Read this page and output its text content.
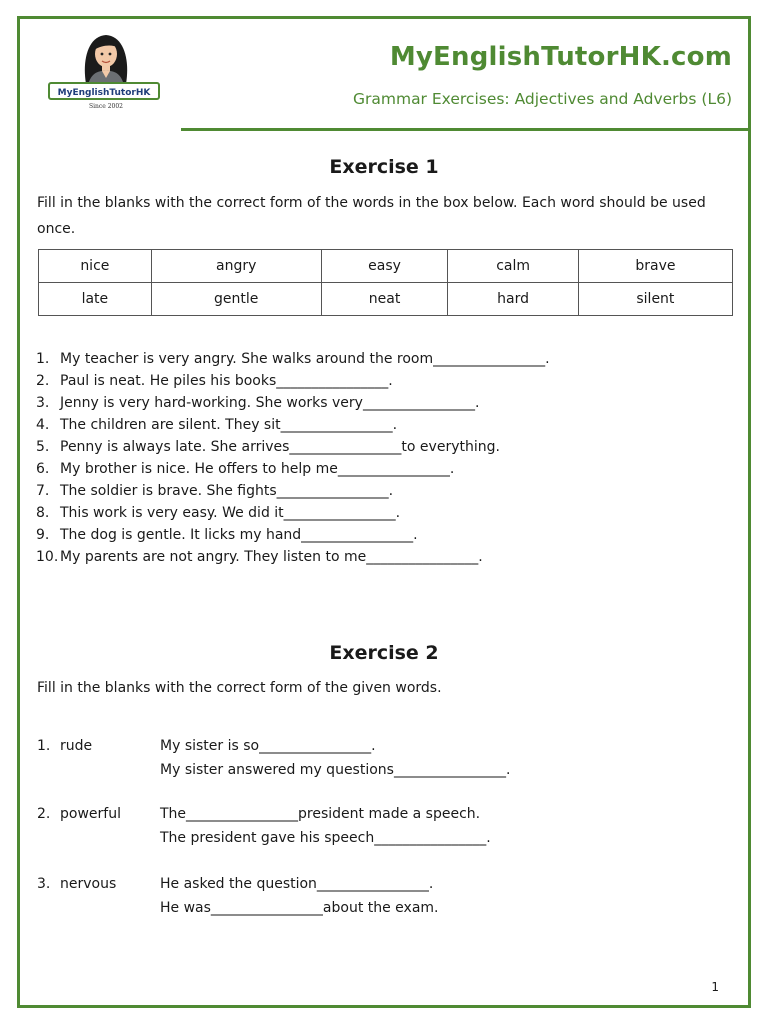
MyEnglishTutorHK
Since 2002
MyEnglishTutorHK.com
Grammar Exercises: Adjectives and Adverbs (L6)
Exercise 1
Fill in the blanks with the correct form of the words in the box below. Each word should be used once.
nice	angry	easy	calm	brave
late	gentle	neat	hard	silent
1. My teacher is very angry. She walks around the room________________.
2. Paul is neat. He piles his books________________.
3. Jenny is very hard-working. She works very________________.
4. The children are silent. They sit________________.
5. Penny is always late. She arrives________________to everything.
6. My brother is nice. He offers to help me________________.
7. The soldier is brave. She fights________________.
8. This work is very easy. We did it________________.
9. The dog is gentle. It licks my hand________________.
10. My parents are not angry. They listen to me________________.
Exercise 2
Fill in the blanks with the correct form of the given words.
1. rude	My sister is so________________.
My sister answered my questions________________.
2. powerful	The________________president made a speech.
The president gave his speech________________.
3. nervous	He asked the question________________.
He was________________about the exam.
1
